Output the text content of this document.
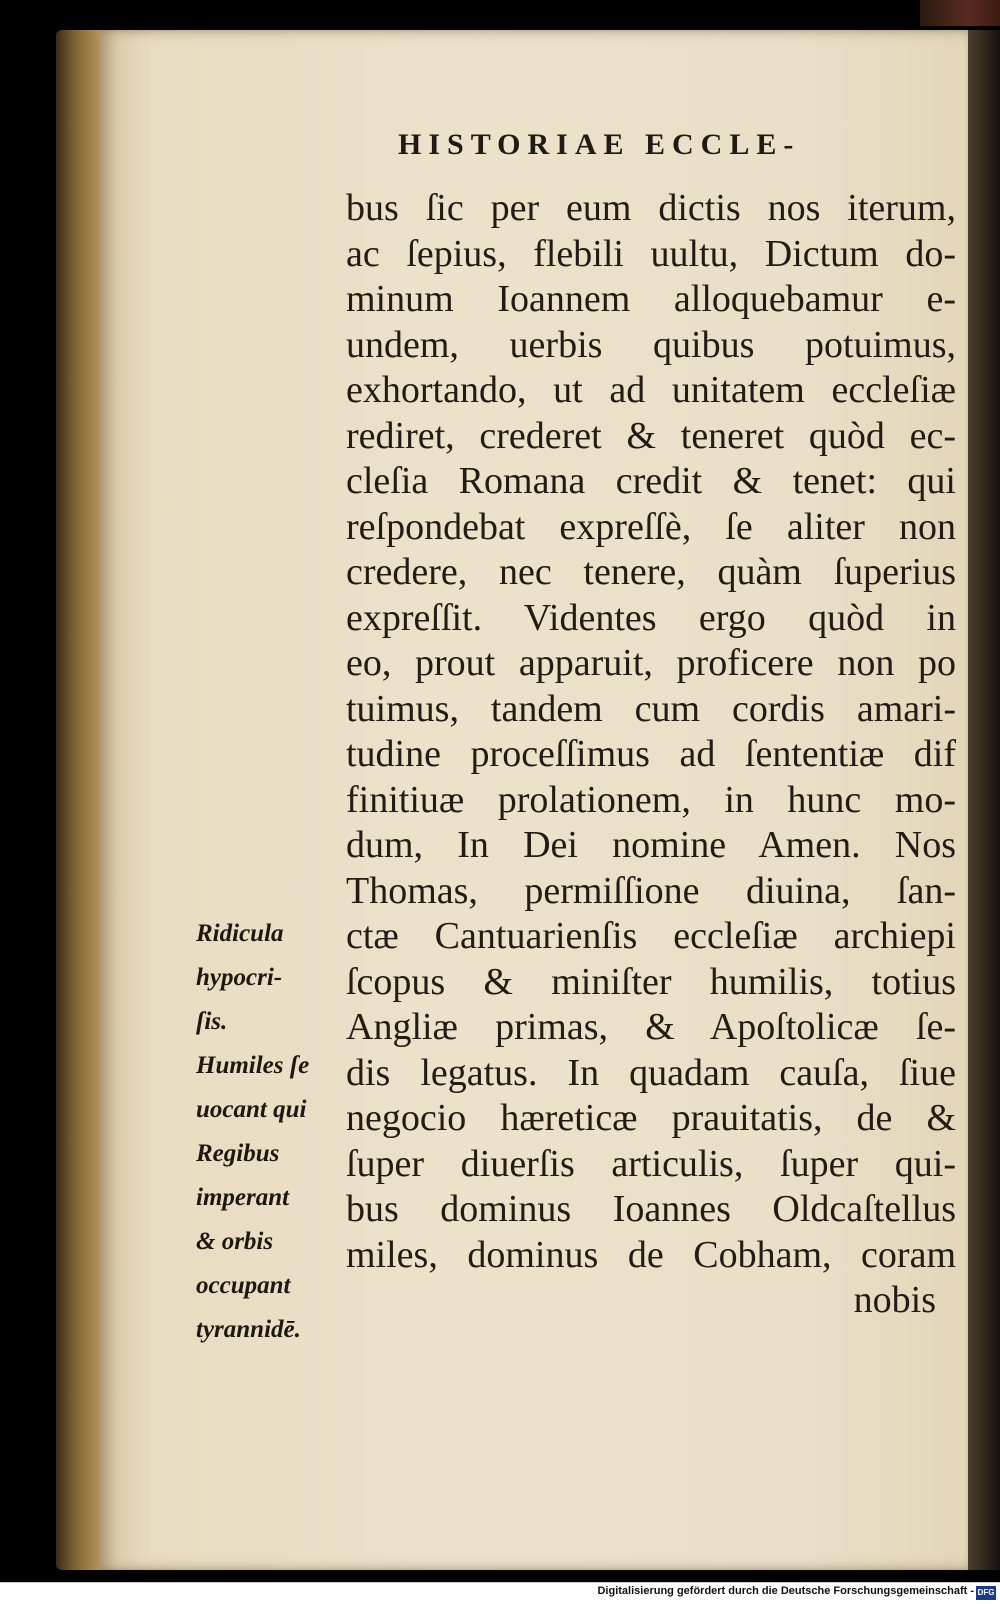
HISTORIAE ECCLE-
bus ſic per eum dictis nos iterum,
ac ſepius, flebili uultu, Dictum do-
minum Ioannem alloquebamur e-
undem, uerbis quibus potuimus,
exhortando, ut ad unitatem eccleſiæ
rediret, crederet & teneret quòd ec-
cleſia Romana credit & tenet: qui
reſpondebat expreſſè, ſe aliter non
credere, nec tenere, quàm ſuperius
expreſſit. Videntes ergo quòd in
eo, prout apparuit, proficere non po
tuimus, tandem cum cordis amari-
tudine proceſſimus ad ſententiæ dif
finitiuæ prolationem, in hunc mo-
dum, In Dei nomine Amen. Nos
Thomas, permiſſione diuina, ſan-
ctæ Cantuarienſis eccleſiæ archiepi
ſcopus & miniſter humilis, totius
Angliæ primas, & Apoſtolicæ ſe-
dis legatus. In quadam cauſa, ſiue
negocio hæreticæ prauitatis, de &
ſuper diuerſis articulis, ſuper qui-
bus dominus Ioannes Oldcaſtellus
miles, dominus de Cobham, coram
nobis
Ridicula
hypocri-
ſis.
Humiles ſe
uocant qui
Regibus
imperant
& orbis
occupant
tyrannidē.
Digitalisierung gefördert durch die Deutsche Forschungsgemeinschaft - DFG
